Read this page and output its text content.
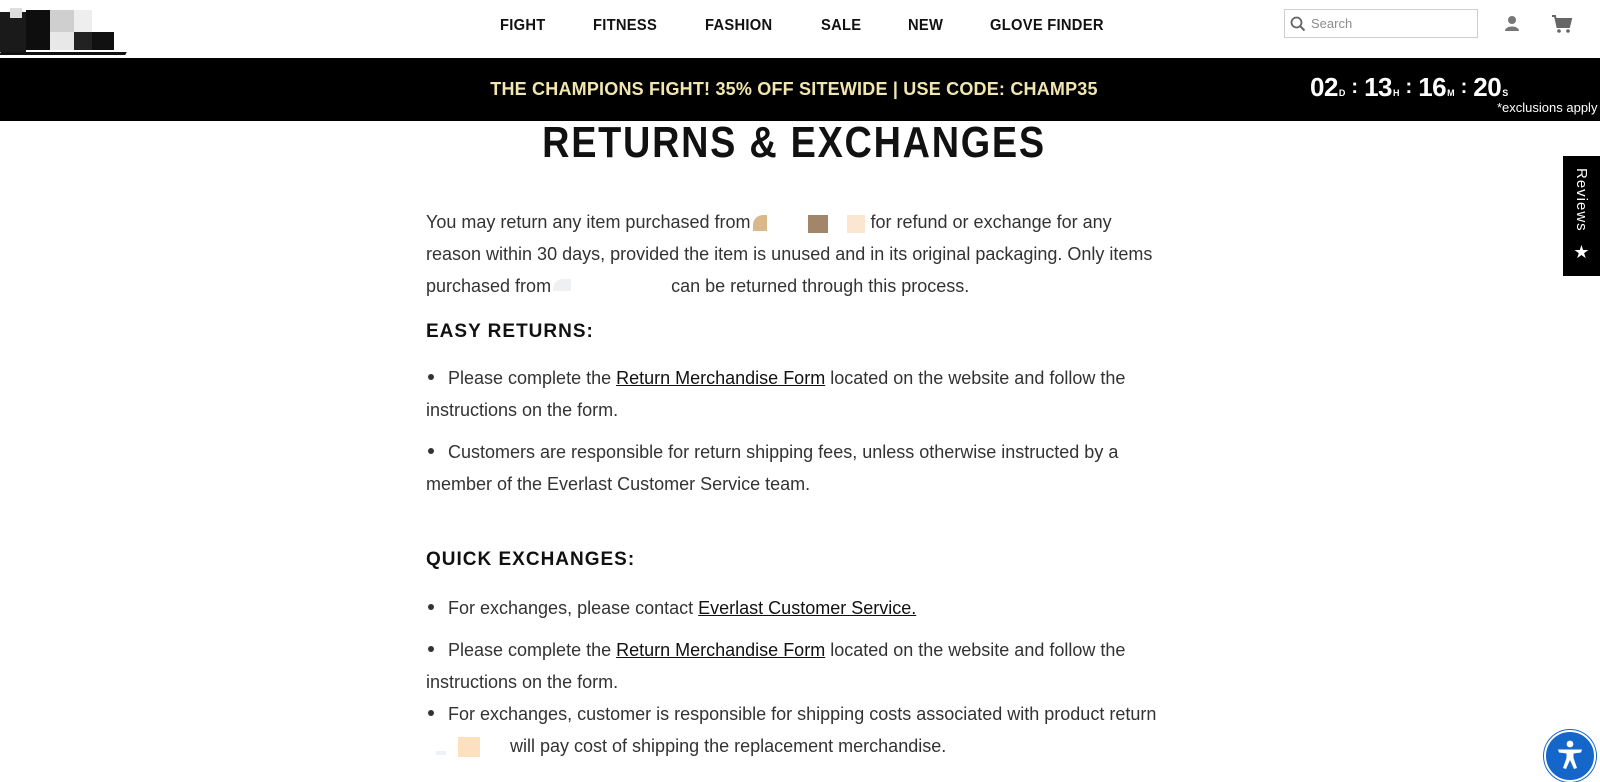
FIGHT	FITNESS	FASHION	SALE	NEW	GLOVE FINDER
Search
THE CHAMPIONS FIGHT! 35% OFF SITEWIDE | USE CODE: CHAMP35	02 D : 13 H : 16 M : 20 S
*exclusions apply
RETURNS & EXCHANGES

You may return any item purchased from	for refund or exchange for any reason within 30 days, provided the item is unused and in its original packaging. Only items purchased from	can be returned through this process.

EASY RETURNS:
Please complete the Return Merchandise Form located on the website and follow the instructions on the form.
Customers are responsible for return shipping fees, unless otherwise instructed by a member of the Everlast Customer Service team.
QUICK EXCHANGES:
For exchanges, please contact Everlast Customer Service.
Please complete the Return Merchandise Form located on the website and follow the instructions on the form.
For exchanges, customer is responsible for shipping costs associated with product return
will pay cost of shipping the replacement merchandise.
Reviews
★
